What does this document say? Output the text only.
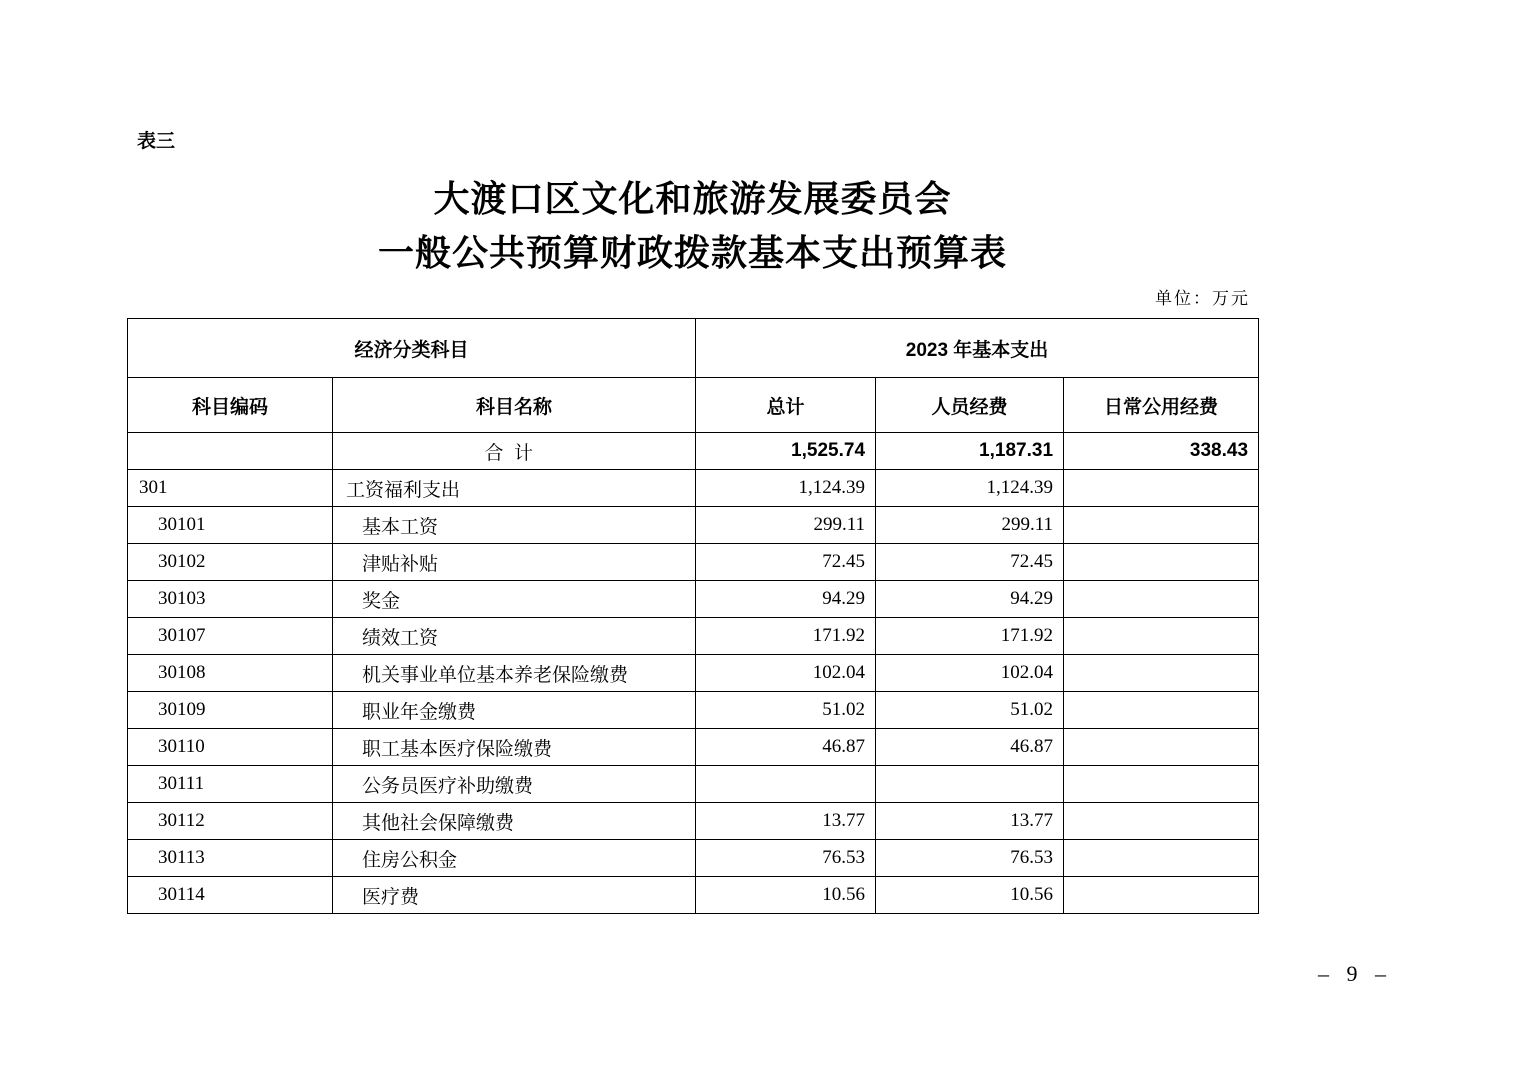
表三
大渡口区文化和旅游发展委员会
一般公共预算财政拨款基本支出预算表
单位：万元
经济分类科目		2023 年基本支出		
科目编码	科目名称	总计	人员经费	日常公用经费
	合计	1,525.74	1,187.31	338.43
301	工资福利支出	1,124.39	1,124.39	
30101	基本工资	299.11	299.11	
30102	津贴补贴	72.45	72.45	
30103	奖金	94.29	94.29	
30107	绩效工资	171.92	171.92	
30108	机关事业单位基本养老保险缴费	102.04	102.04	
30109	职业年金缴费	51.02	51.02	
30110	职工基本医疗保险缴费	46.87	46.87	
30111	公务员医疗补助缴费			
30112	其他社会保障缴费	13.77	13.77	
30113	住房公积金	76.53	76.53	
30114	医疗费	10.56	10.56	
– 9 –
